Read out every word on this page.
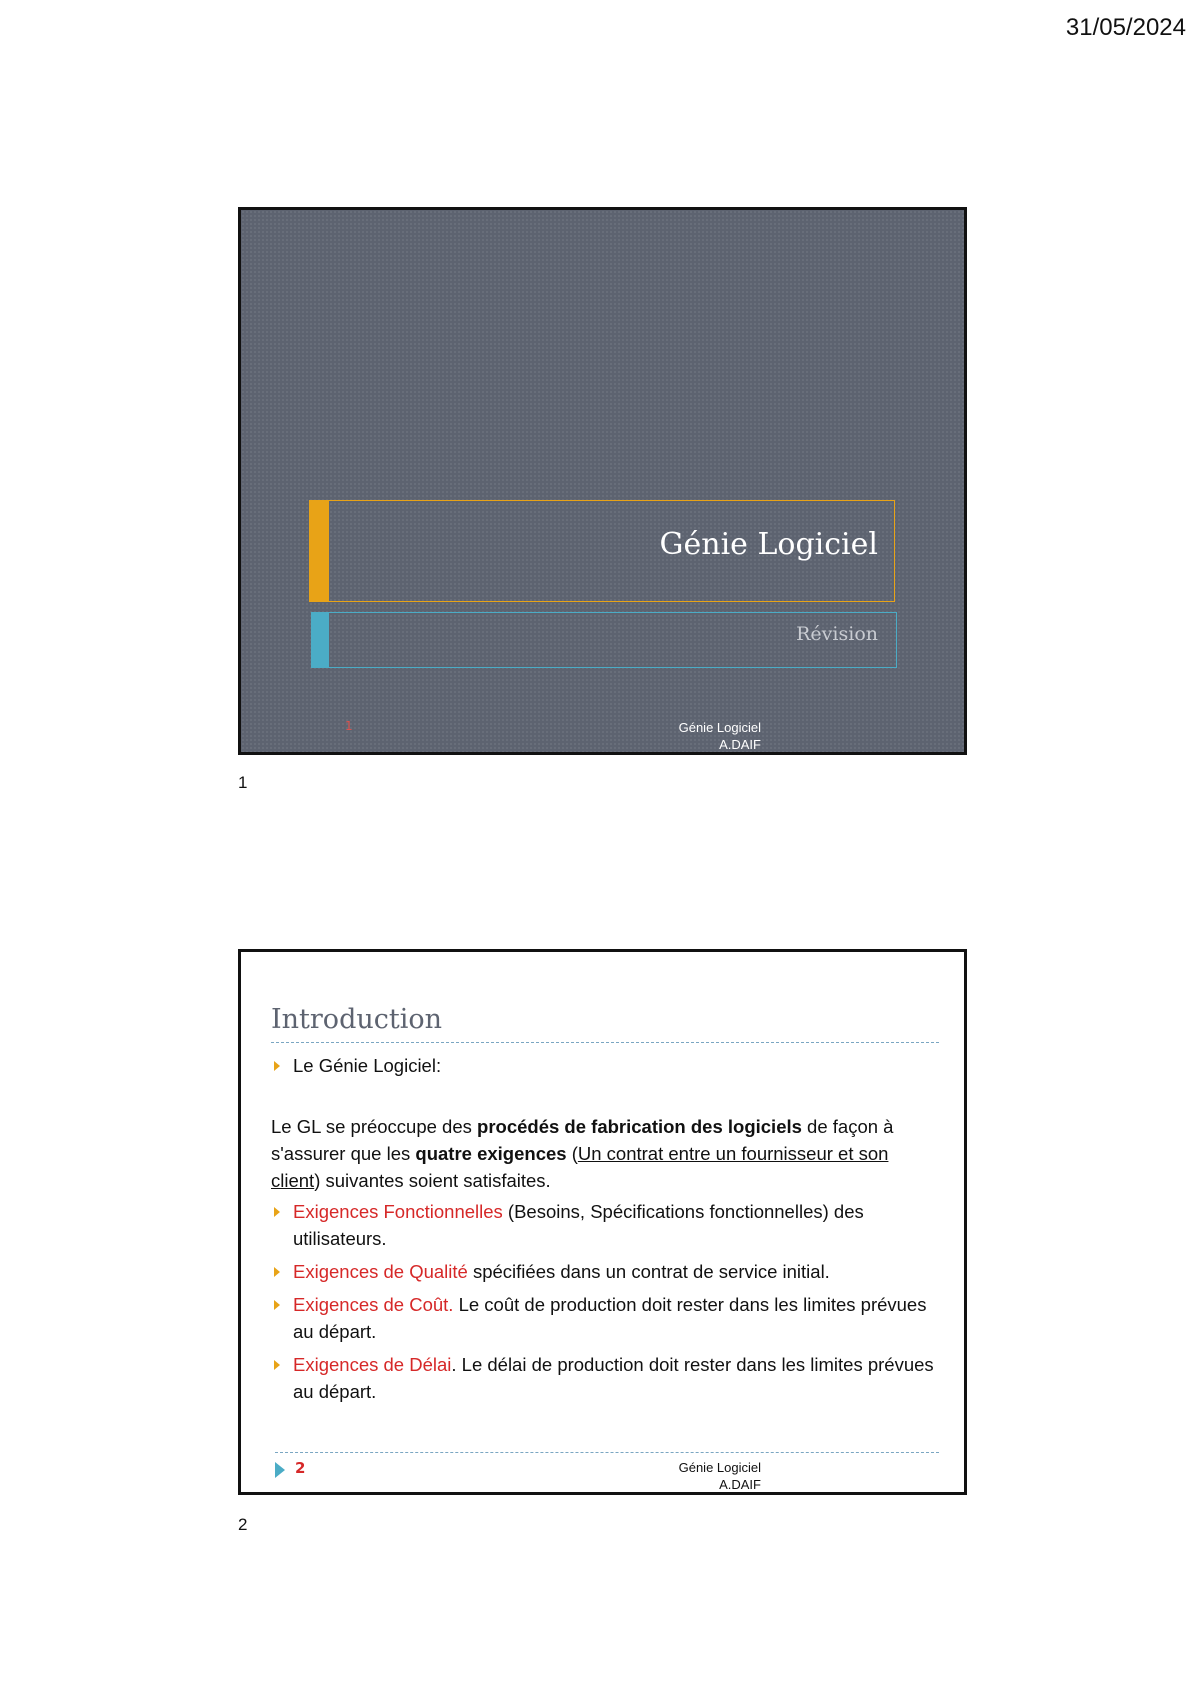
31/05/2024
Génie Logiciel
Révision
1	Génie Logiciel
A.DAIF
1
Introduction
Le Génie Logiciel:
Le GL se préoccupe des procédés de fabrication des logiciels de façon à s'assurer que les quatre exigences (Un contrat entre un fournisseur et son client) suivantes soient satisfaites.
Exigences Fonctionnelles (Besoins, Spécifications fonctionnelles) des utilisateurs.
Exigences de Qualité spécifiées dans un contrat de service initial.
Exigences de Coût. Le coût de production doit rester dans les limites prévues au départ.
Exigences de Délai. Le délai de production doit rester dans les limites prévues au départ.
2	Génie Logiciel
A.DAIF
2
